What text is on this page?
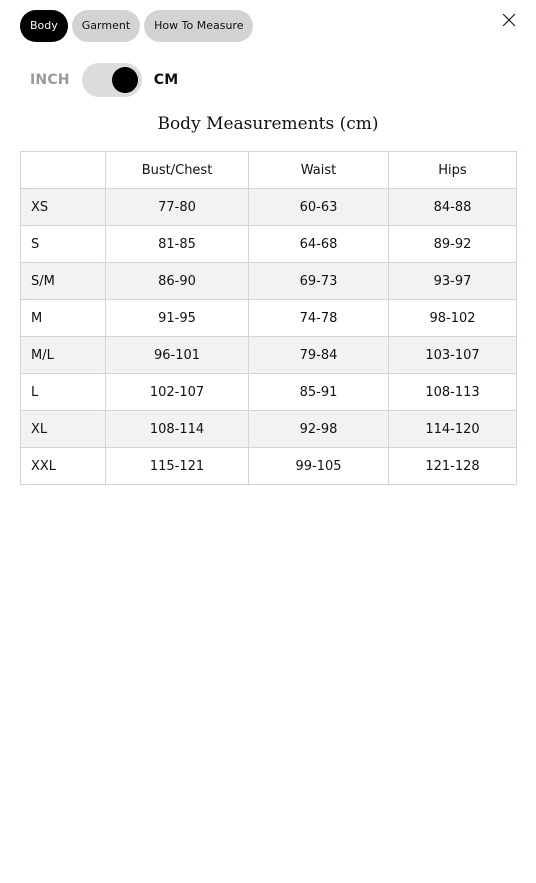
Body	Garment	How To Measure
INCH	CM
Body Measurements (cm)
	Bust/Chest	Waist	Hips
XS	77-80	60-63	84-88
S	81-85	64-68	89-92
S/M	86-90	69-73	93-97
M	91-95	74-78	98-102
M/L	96-101	79-84	103-107
L	102-107	85-91	108-113
XL	108-114	92-98	114-120
XXL	115-121	99-105	121-128
